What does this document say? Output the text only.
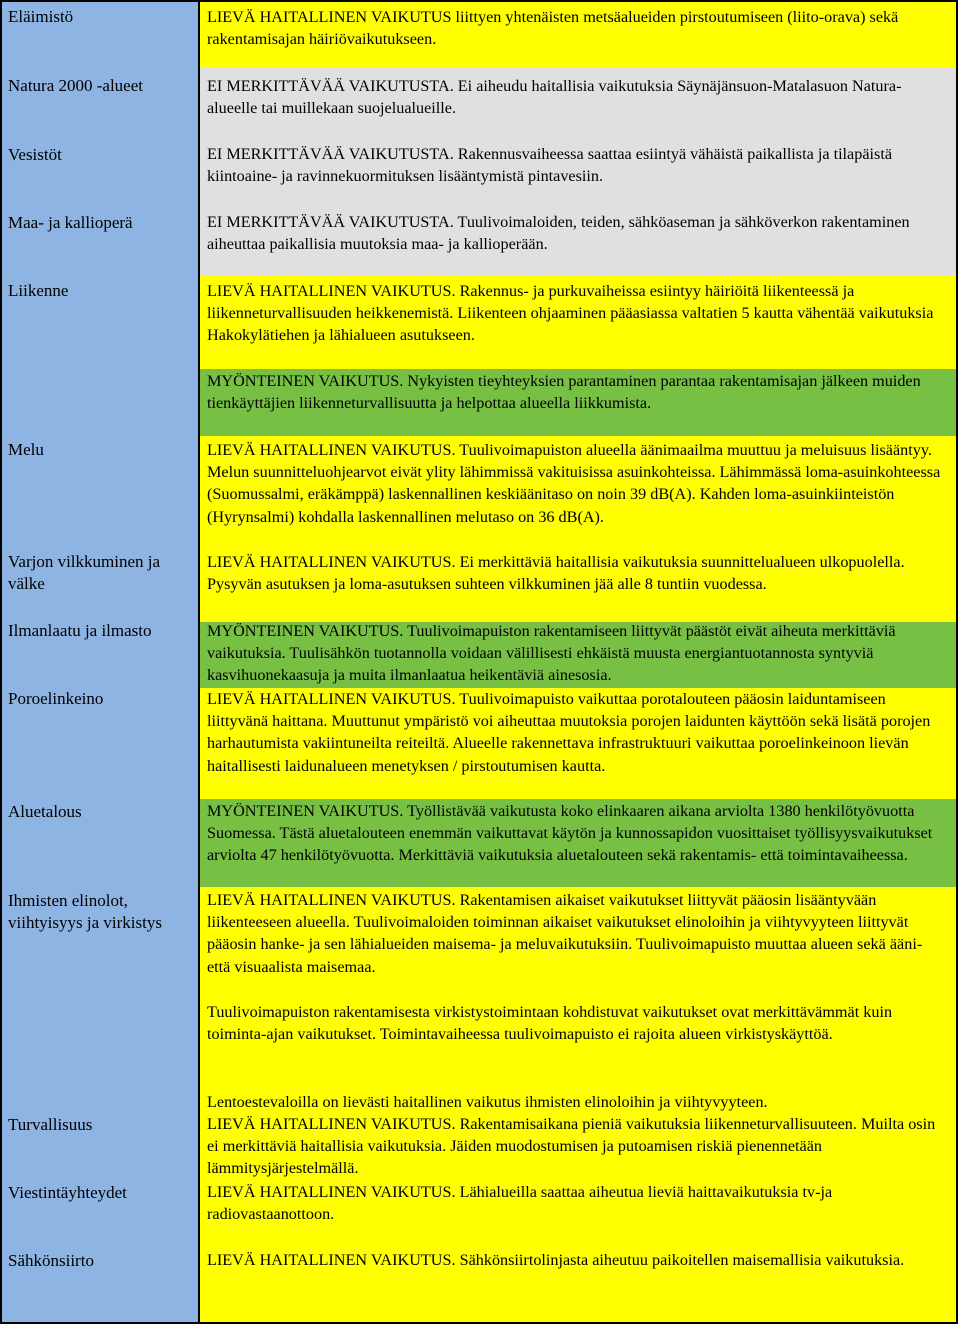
Eläimistö
Natura 2000 -alueet
Vesistöt
Maa- ja kallioperä
Liikenne
Melu
Varjon vilkkuminen ja välke
Ilmanlaatu ja ilmasto
Poroelinkeino
Aluetalous
Ihmisten elinolot, viihtyisyys ja virkistys
Turvallisuus
Viestintäyhteydet
Sähkönsiirto
LIEVÄ HAITALLINEN VAIKUTUS liittyen yhtenäisten metsäalueiden pirstoutumiseen (liito-orava) sekä rakentamisajan häiriövaikutukseen.
EI MERKITTÄVÄÄ VAIKUTUSTA. Ei aiheudu haitallisia vaikutuksia Säynäjänsuon-Matalasuon Natura-alueelle tai muillekaan suojelualueille.
EI MERKITTÄVÄÄ VAIKUTUSTA. Rakennusvaiheessa saattaa esiintyä vähäistä paikallista ja tilapäistä kiintoaine- ja ravinnekuormituksen lisääntymistä pintavesiin.
EI MERKITTÄVÄÄ VAIKUTUSTA. Tuulivoimaloiden, teiden, sähköaseman ja sähköverkon rakentaminen aiheuttaa paikallisia muutoksia maa- ja kallioperään.
LIEVÄ HAITALLINEN VAIKUTUS. Rakennus- ja purkuvaiheissa esiintyy häiriöitä liikenteessä ja liikenneturvallisuuden heikkenemistä. Liikenteen ohjaaminen pääasiassa valtatien 5 kautta vähentää vaikutuksia Hakokylätiehen ja lähialueen asutukseen.
MYÖNTEINEN VAIKUTUS. Nykyisten tieyhteyksien parantaminen parantaa rakentamisajan jälkeen muiden tienkäyttäjien liikenneturvallisuutta ja helpottaa alueella liikkumista.
LIEVÄ HAITALLINEN VAIKUTUS. Tuulivoimapuiston alueella äänimaailma muuttuu ja meluisuus lisääntyy. Melun suunnitteluohjearvot eivät ylity lähimmissä vakituisissa asuinkohteissa. Lähimmässä loma-asuinkohteessa (Suomussalmi, eräkämppä) laskennallinen keskiäänitaso on noin 39 dB(A). Kahden loma-asuinkiinteistön (Hyrynsalmi) kohdalla laskennallinen melutaso on 36 dB(A).
LIEVÄ HAITALLINEN VAIKUTUS. Ei merkittäviä haitallisia vaikutuksia suunnittelualueen ulkopuolella. Pysyvän asutuksen ja loma-asutuksen suhteen vilkkuminen jää alle 8 tuntiin vuodessa.
MYÖNTEINEN VAIKUTUS. Tuulivoimapuiston rakentamiseen liittyvät päästöt eivät aiheuta merkittäviä vaikutuksia. Tuulisähkön tuotannolla voidaan välillisesti ehkäistä muusta energiantuotannosta syntyviä kasvihuonekaasuja ja muita ilmanlaatua heikentäviä ainesosia.
LIEVÄ HAITALLINEN VAIKUTUS. Tuulivoimapuisto vaikuttaa porotalouteen pääosin laiduntamiseen liittyvänä haittana. Muuttunut ympäristö voi aiheuttaa muutoksia porojen laidunten käyttöön sekä lisätä porojen harhautumista vakiintuneilta reiteiltä. Alueelle rakennettava infrastruktuuri vaikuttaa poroelinkeinoon lievän haitallisesti laidunalueen menetyksen / pirstoutumisen kautta.
MYÖNTEINEN VAIKUTUS. Työllistävää vaikutusta koko elinkaaren aikana arviolta 1380 henkilötyövuotta Suomessa. Tästä aluetalouteen enemmän vaikuttavat käytön ja kunnossapidon vuosittaiset työllisyysvaikutukset arviolta 47 henkilötyövuotta. Merkittäviä vaikutuksia aluetalouteen sekä rakentamis- että toimintavaiheessa.
LIEVÄ HAITALLINEN VAIKUTUS. Rakentamisen aikaiset vaikutukset liittyvät pääosin lisääntyvään liikenteeseen alueella. Tuulivoimaloiden toiminnan aikaiset vaikutukset elinoloihin ja viihtyvyyteen liittyvät pääosin hanke- ja sen lähialueiden maisema- ja meluvaikutuksiin. Tuulivoimapuisto muuttaa alueen sekä ääni- että visuaalista maisemaa.
Tuulivoimapuiston rakentamisesta virkistystoimintaan kohdistuvat vaikutukset ovat merkittävämmät kuin toiminta-ajan vaikutukset. Toimintavaiheessa tuulivoimapuisto ei rajoita alueen virkistyskäyttöä.
Lentoestevaloilla on lievästi haitallinen vaikutus ihmisten elinoloihin ja viihtyvyyteen.
LIEVÄ HAITALLINEN VAIKUTUS. Rakentamisaikana pieniä vaikutuksia liikenneturvallisuuteen. Muilta osin ei merkittäviä haitallisia vaikutuksia. Jäiden muodostumisen ja putoamisen riskiä pienennetään lämmitysjärjestelmällä.
LIEVÄ HAITALLINEN VAIKUTUS. Lähialueilla saattaa aiheutua lieviä haittavaikutuksia tv-ja radiovastaanottoon.
LIEVÄ HAITALLINEN VAIKUTUS. Sähkönsiirtolinjasta aiheutuu paikoitellen maisemallisia vaikutuksia.
